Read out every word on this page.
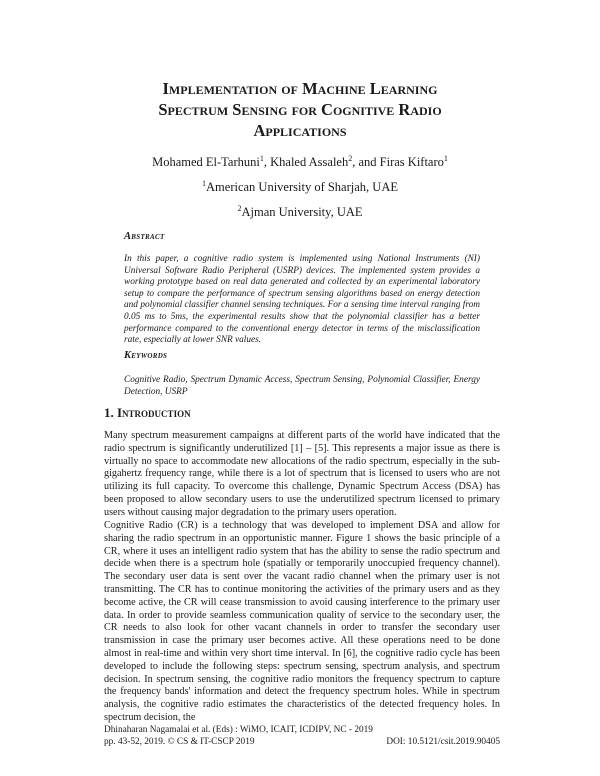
Implementation of Machine Learning
Spectrum Sensing for Cognitive Radio
Applications
Mohamed El-Tarhuni$^1$, Khaled Assaleh$^2$, and Firas Kiftaro$^1$
$^1$American University of Sharjah, UAE
$^2$Ajman University, UAE
Abstract
In this paper, a cognitive radio system is implemented using National Instruments (NI) Universal Software Radio Peripheral (USRP) devices. The implemented system provides a working prototype based on real data generated and collected by an experimental laboratory setup to compare the performance of spectrum sensing algorithms based on energy detection and polynomial classifier channel sensing techniques. For a sensing time interval ranging from 0.05 ms to 5ms, the experimental results show that the polynomial classifier has a better performance compared to the conventional energy detector in terms of the misclassification rate, especially at lower SNR values.
Keywords
Cognitive Radio, Spectrum Dynamic Access, Spectrum Sensing, Polynomial Classifier, Energy Detection, USRP
1. Introduction

Many spectrum measurement campaigns at different parts of the world have indicated that the radio spectrum is significantly underutilized [1] – [5]. This represents a major issue as there is virtually no space to accommodate new allocations of the radio spectrum, especially in the sub-gigahertz frequency range, while there is a lot of spectrum that is licensed to users who are not utilizing its full capacity. To overcome this challenge, Dynamic Spectrum Access (DSA) has been proposed to allow secondary users to use the underutilized spectrum licensed to primary users without causing major degradation to the primary users operation.

Cognitive Radio (CR) is a technology that was developed to implement DSA and allow for sharing the radio spectrum in an opportunistic manner. Figure 1 shows the basic principle of a CR, where it uses an intelligent radio system that has the ability to sense the radio spectrum and decide when there is a spectrum hole (spatially or temporarily unoccupied frequency channel). The secondary user data is sent over the vacant radio channel when the primary user is not transmitting. The CR has to continue monitoring the activities of the primary users and as they become active, the CR will cease transmission to avoid causing interference to the primary user data. In order to provide seamless communication quality of service to the secondary user, the CR needs to also look for other vacant channels in order to transfer the secondary user transmission in case the primary user becomes active. All these operations need to be done almost in real-time and within very short time interval. In [6], the cognitive radio cycle has been developed to include the following steps: spectrum sensing, spectrum analysis, and spectrum decision. In spectrum sensing, the cognitive radio monitors the frequency spectrum to capture the frequency bands' information and detect the frequency spectrum holes. While in spectrum analysis, the cognitive radio estimates the characteristics of the detected frequency holes. In spectrum decision, the

Dhinaharan Nagamalai et al. (Eds) : WiMO, ICAIT, ICDIPV, NC - 2019
pp. 43-52, 2019. © CS & IT-CSCP 2019	DOI: 10.5121/csit.2019.90405
